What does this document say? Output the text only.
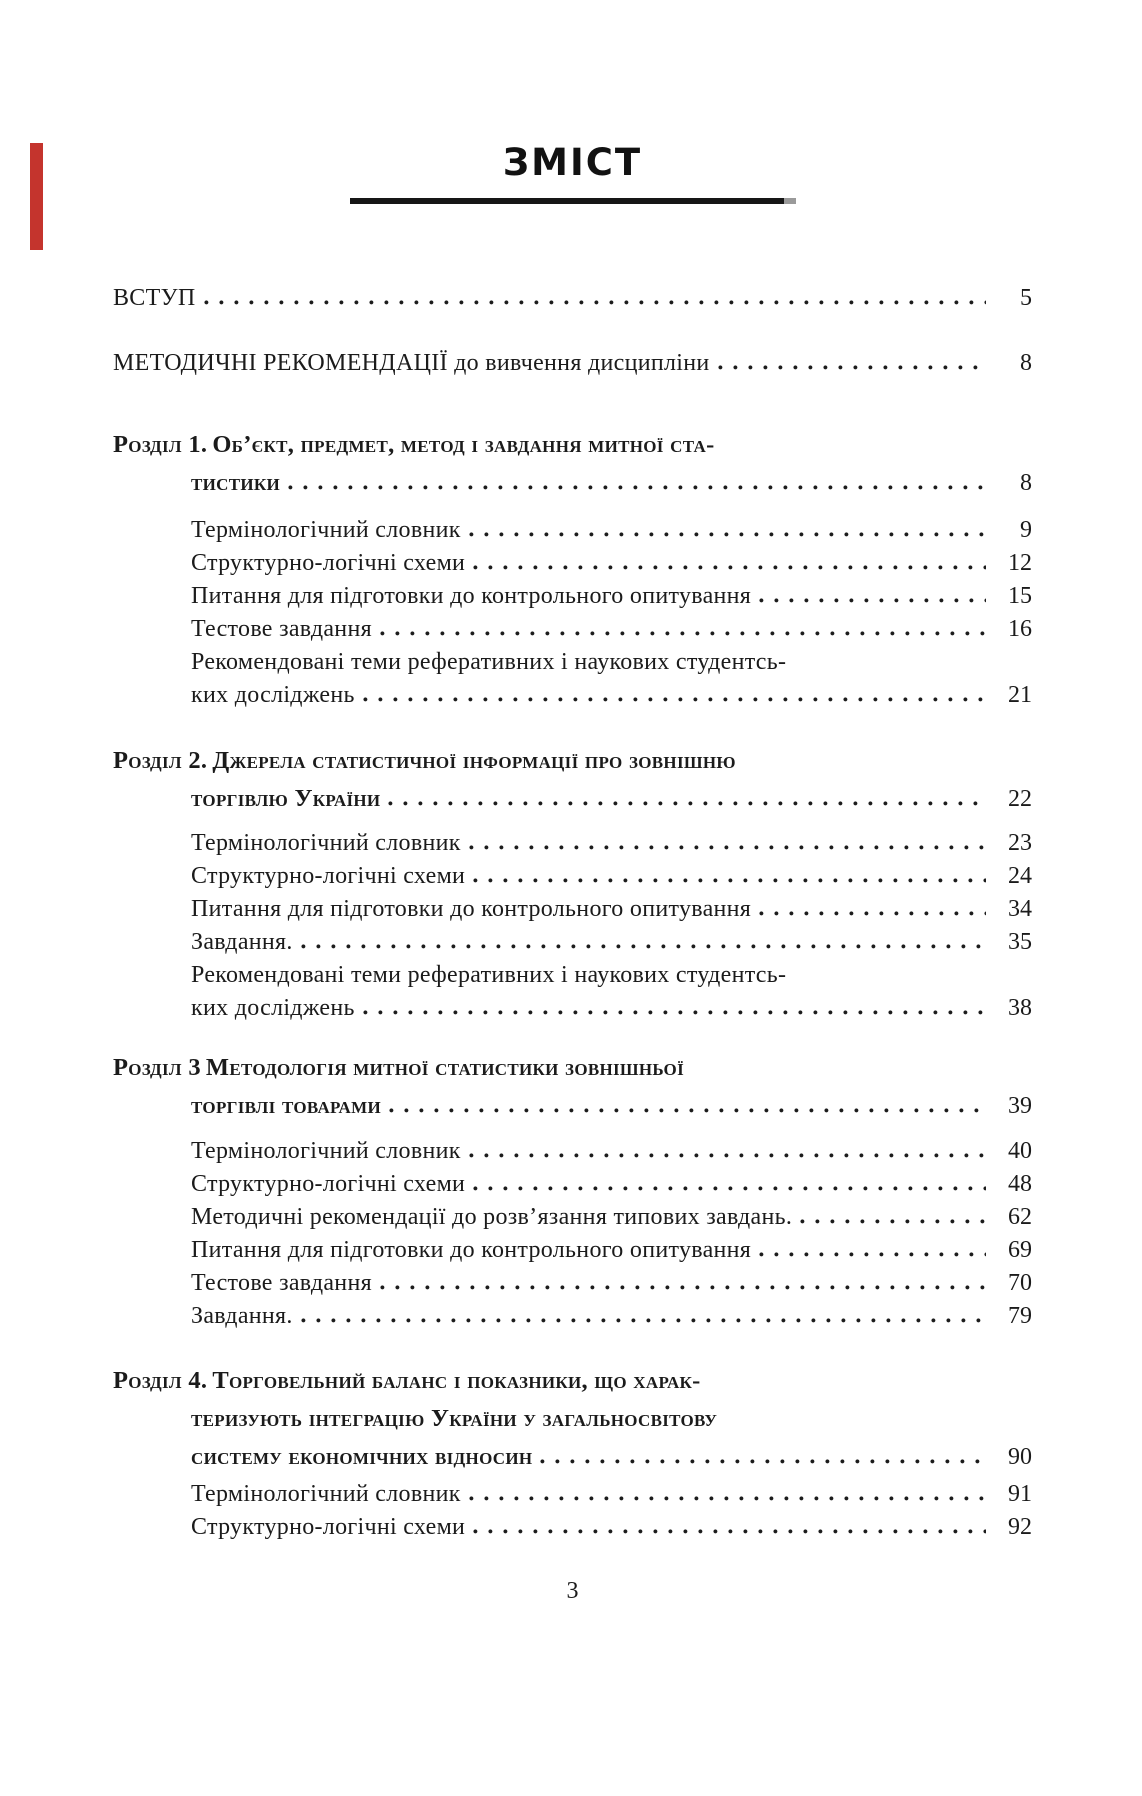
ЗМІСТ
ВСТУП	5
МЕТОДИЧНІ РЕКОМЕНДАЦІЇ до вивчення дисципліни	8
Розділ 1. Об’єкт, предмет, метод і завдання митної ста-
тистики	8
Термінологічний словник	9
Структурно-логічні схеми	12
Питання для підготовки до контрольного опитування	15
Тестове завдання	16
Рекомендовані теми реферативних і наукових студентсь-
ких досліджень	21
Розділ 2. Джерела статистичної інформації про зовнішню
торгівлю України	22
Термінологічний словник	23
Структурно-логічні схеми	24
Питання для підготовки до контрольного опитування	34
Завдання.	35
Рекомендовані теми реферативних і наукових студентсь-
ких досліджень	38
Розділ 3 Методологія митної статистики зовнішньої
торгівлі товарами	39
Термінологічний словник	40
Структурно-логічні схеми	48
Методичні рекомендації до розв’язання типових завдань.	62
Питання для підготовки до контрольного опитування	69
Тестове завдання	70
Завдання.	79
Розділ 4. Торговельний баланс і показники, що харак-
теризують інтеграцію України у загальносвітову
систему економічних відносин	90
Термінологічний словник	91
Структурно-логічні схеми	92
3
